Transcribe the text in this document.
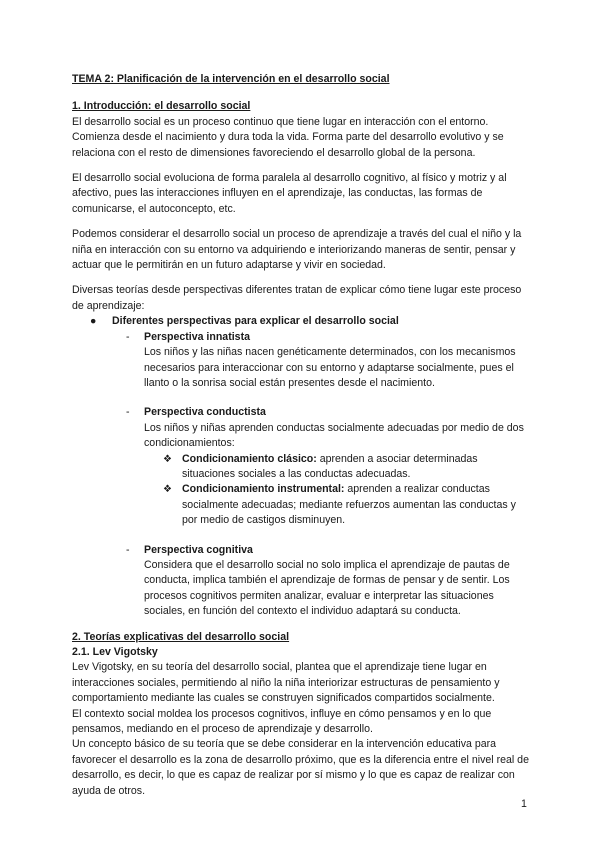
TEMA 2: Planificación de la intervención en el desarrollo social
1. Introducción: el desarrollo social

El desarrollo social es un proceso continuo que tiene lugar en interacción con el entorno. Comienza desde el nacimiento y dura toda la vida. Forma parte del desarrollo evolutivo y se relaciona con el resto de dimensiones favoreciendo el desarrollo global de la persona.

El desarrollo social evoluciona de forma paralela al desarrollo cognitivo, al físico y motriz y al afectivo, pues las interacciones influyen en el aprendizaje, las conductas, las formas de comunicarse, el autoconcepto, etc.

Podemos considerar el desarrollo social un proceso de aprendizaje a través del cual el niño y la niña en interacción con su entorno va adquiriendo e interiorizando maneras de sentir, pensar y actuar que le permitirán en un futuro adaptarse y vivir en sociedad.

Diversas teorías desde perspectivas diferentes tratan de explicar cómo tiene lugar este proceso de aprendizaje:

● Diferentes perspectivas para explicar el desarrollo social
- Perspectiva innatista
Los niños y las niñas nacen genéticamente determinados, con los mecanismos necesarios para interaccionar con su entorno y adaptarse socialmente, pues el llanto o la sonrisa social están presentes desde el nacimiento.
- Perspectiva conductista
Los niños y niñas aprenden conductas socialmente adecuadas por medio de dos condicionamientos:
❖ Condicionamiento clásico: aprenden a asociar determinadas situaciones sociales a las conductas adecuadas.
❖ Condicionamiento instrumental: aprenden a realizar conductas socialmente adecuadas; mediante refuerzos aumentan las conductas y por medio de castigos disminuyen.
- Perspectiva cognitiva
Considera que el desarrollo social no solo implica el aprendizaje de pautas de conducta, implica también el aprendizaje de formas de pensar y de sentir. Los procesos cognitivos permiten analizar, evaluar e interpretar las situaciones sociales, en función del contexto el individuo adaptará su conducta.
2. Teorías explicativas del desarrollo social
2.1. Lev Vigotsky
Lev Vigotsky, en su teoría del desarrollo social, plantea que el aprendizaje tiene lugar en interacciones sociales, permitiendo al niño la niña interiorizar estructuras de pensamiento y comportamiento mediante las cuales se construyen significados compartidos socialmente.
El contexto social moldea los procesos cognitivos, influye en cómo pensamos y en lo que pensamos, mediando en el proceso de aprendizaje y desarrollo.
Un concepto básico de su teoría que se debe considerar en la intervención educativa para favorecer el desarrollo es la zona de desarrollo próximo, que es la diferencia entre el nivel real de desarrollo, es decir, lo que es capaz de realizar por sí mismo y lo que es capaz de realizar con ayuda de otros.
1
